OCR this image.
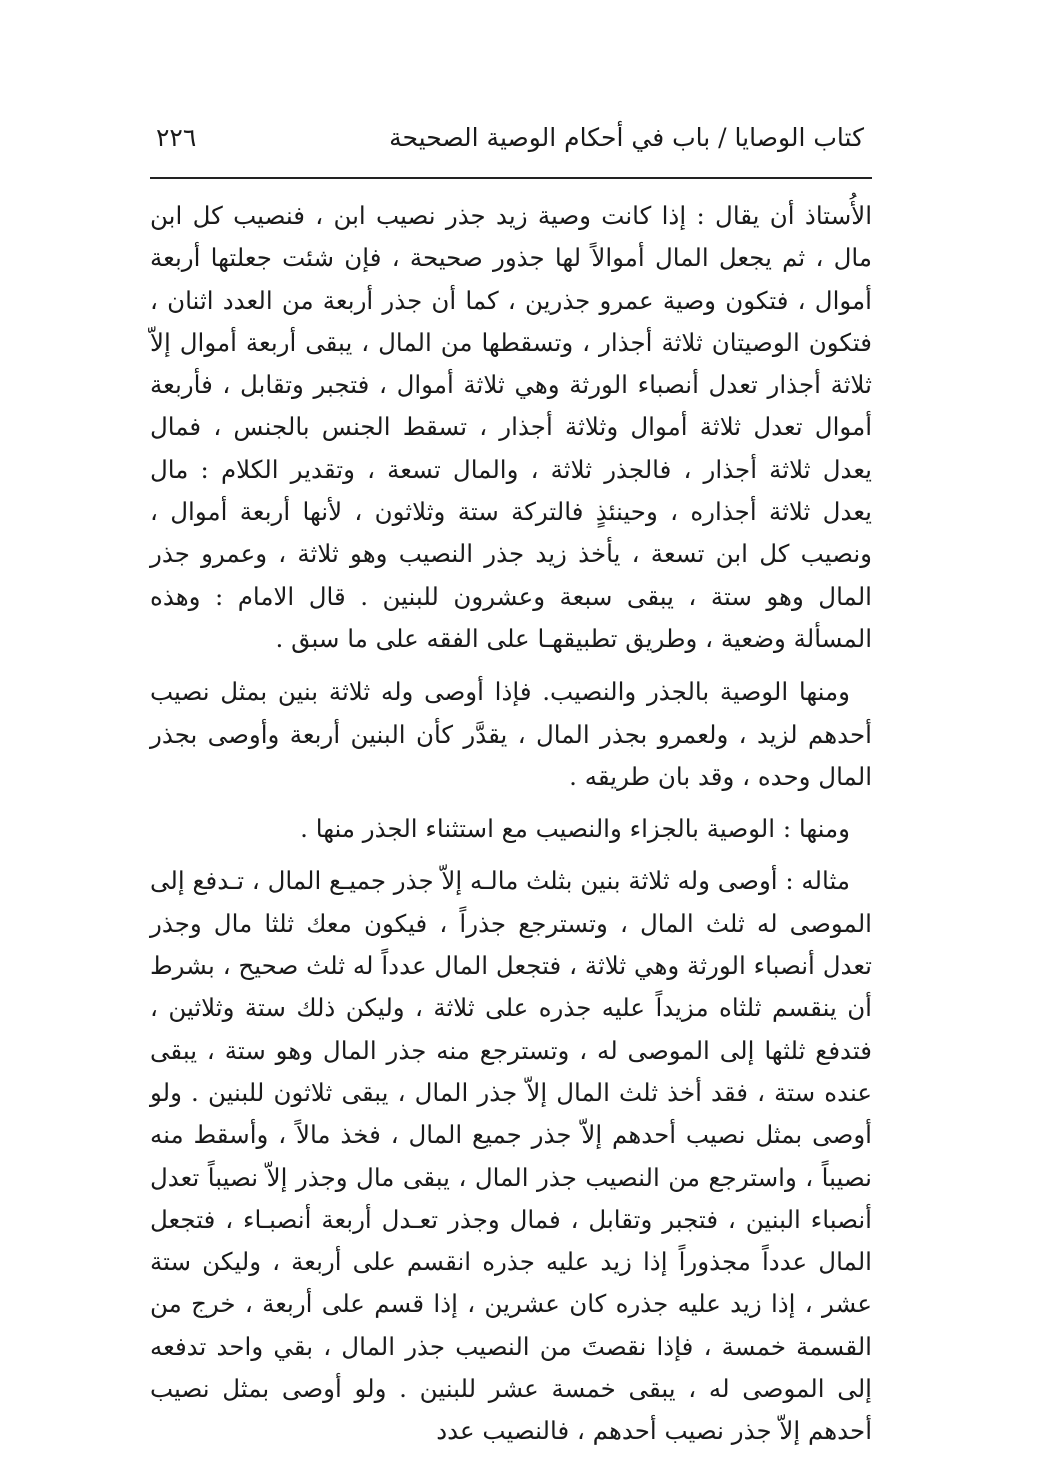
كتاب الوصايا / باب في أحكام الوصية الصحيحة
٢٢٦

الأُستاذ أن يقال : إذا كانت وصية زيد جذر نصيب ابن ، فنصيب كل ابن مال ، ثم يجعل المال أموالاً لها جذور صحيحة ، فإن شئت جعلتها أربعة أموال ، فتكون وصية عمرو جذرين ، كما أن جذر أربعة من العدد اثنان ، فتكون الوصيتان ثلاثة أجذار ، وتسقطها من المال ، يبقى أربعة أموال إلاّ ثلاثة أجذار تعدل أنصباء الورثة وهي ثلاثة أموال ، فتجبر وتقابل ، فأربعة أموال تعدل ثلاثة أموال وثلاثة أجذار ، تسقط الجنس بالجنس ، فمال يعدل ثلاثة أجذار ، فالجذر ثلاثة ، والمال تسعة ، وتقدير الكلام : مال يعدل ثلاثة أجذاره ، وحينئذٍ فالتركة ستة وثلاثون ، لأنها أربعة أموال ، ونصيب كل ابن تسعة ، يأخذ زيد جذر النصيب وهو ثلاثة ، وعمرو جذر المال وهو ستة ، يبقى سبعة وعشرون للبنين . قال الامام : وهذه المسألة وضعية ، وطريق تطبيقهـا على الفقه على ما سبق .

ومنها الوصية بالجذر والنصيب. فإذا أوصى وله ثلاثة بنين بمثل نصيب أحدهم لزيد ، ولعمرو بجذر المال ، يقدَّر كأن البنين أربعة وأوصى بجذر المال وحده ، وقد بان طريقه .

ومنها : الوصية بالجزاء والنصيب مع استثناء الجذر منها .

مثاله : أوصى وله ثلاثة بنين بثلث مالـه إلاّ جذر جميـع المال ، تـدفع إلى الموصى له ثلث المال ، وتسترجع جذراً ، فيكون معك ثلثا مال وجذر تعدل أنصباء الورثة وهي ثلاثة ، فتجعل المال عدداً له ثلث صحيح ، بشرط أن ينقسم ثلثاه مزيداً عليه جذره على ثلاثة ، وليكن ذلك ستة وثلاثين ، فتدفع ثلثها إلى الموصى له ، وتسترجع منه جذر المال وهو ستة ، يبقى عنده ستة ، فقد أخذ ثلث المال إلاّ جذر المال ، يبقى ثلاثون للبنين . ولو أوصى بمثل نصيب أحدهم إلاّ جذر جميع المال ، فخذ مالاً ، وأسقط منه نصيباً ، واسترجع من النصيب جذر المال ، يبقى مال وجذر إلاّ نصيباً تعدل أنصباء البنين ، فتجبر وتقابل ، فمال وجذر تعـدل أربعة أنصبـاء ، فتجعل المال عدداً مجذوراً إذا زيد عليه جذره انقسم على أربعة ، وليكن ستة عشر ، إذا زيد عليه جذره كان عشرين ، إذا قسم على أربعة ، خرج من القسمة خمسة ، فإذا نقصتَ من النصيب جذر المال ، بقي واحد تدفعه إلى الموصى له ، يبقى خمسة عشر للبنين . ولو أوصى بمثل نصيب أحدهم إلاّ جذر نصيب أحدهم ، فالنصيب عدد
